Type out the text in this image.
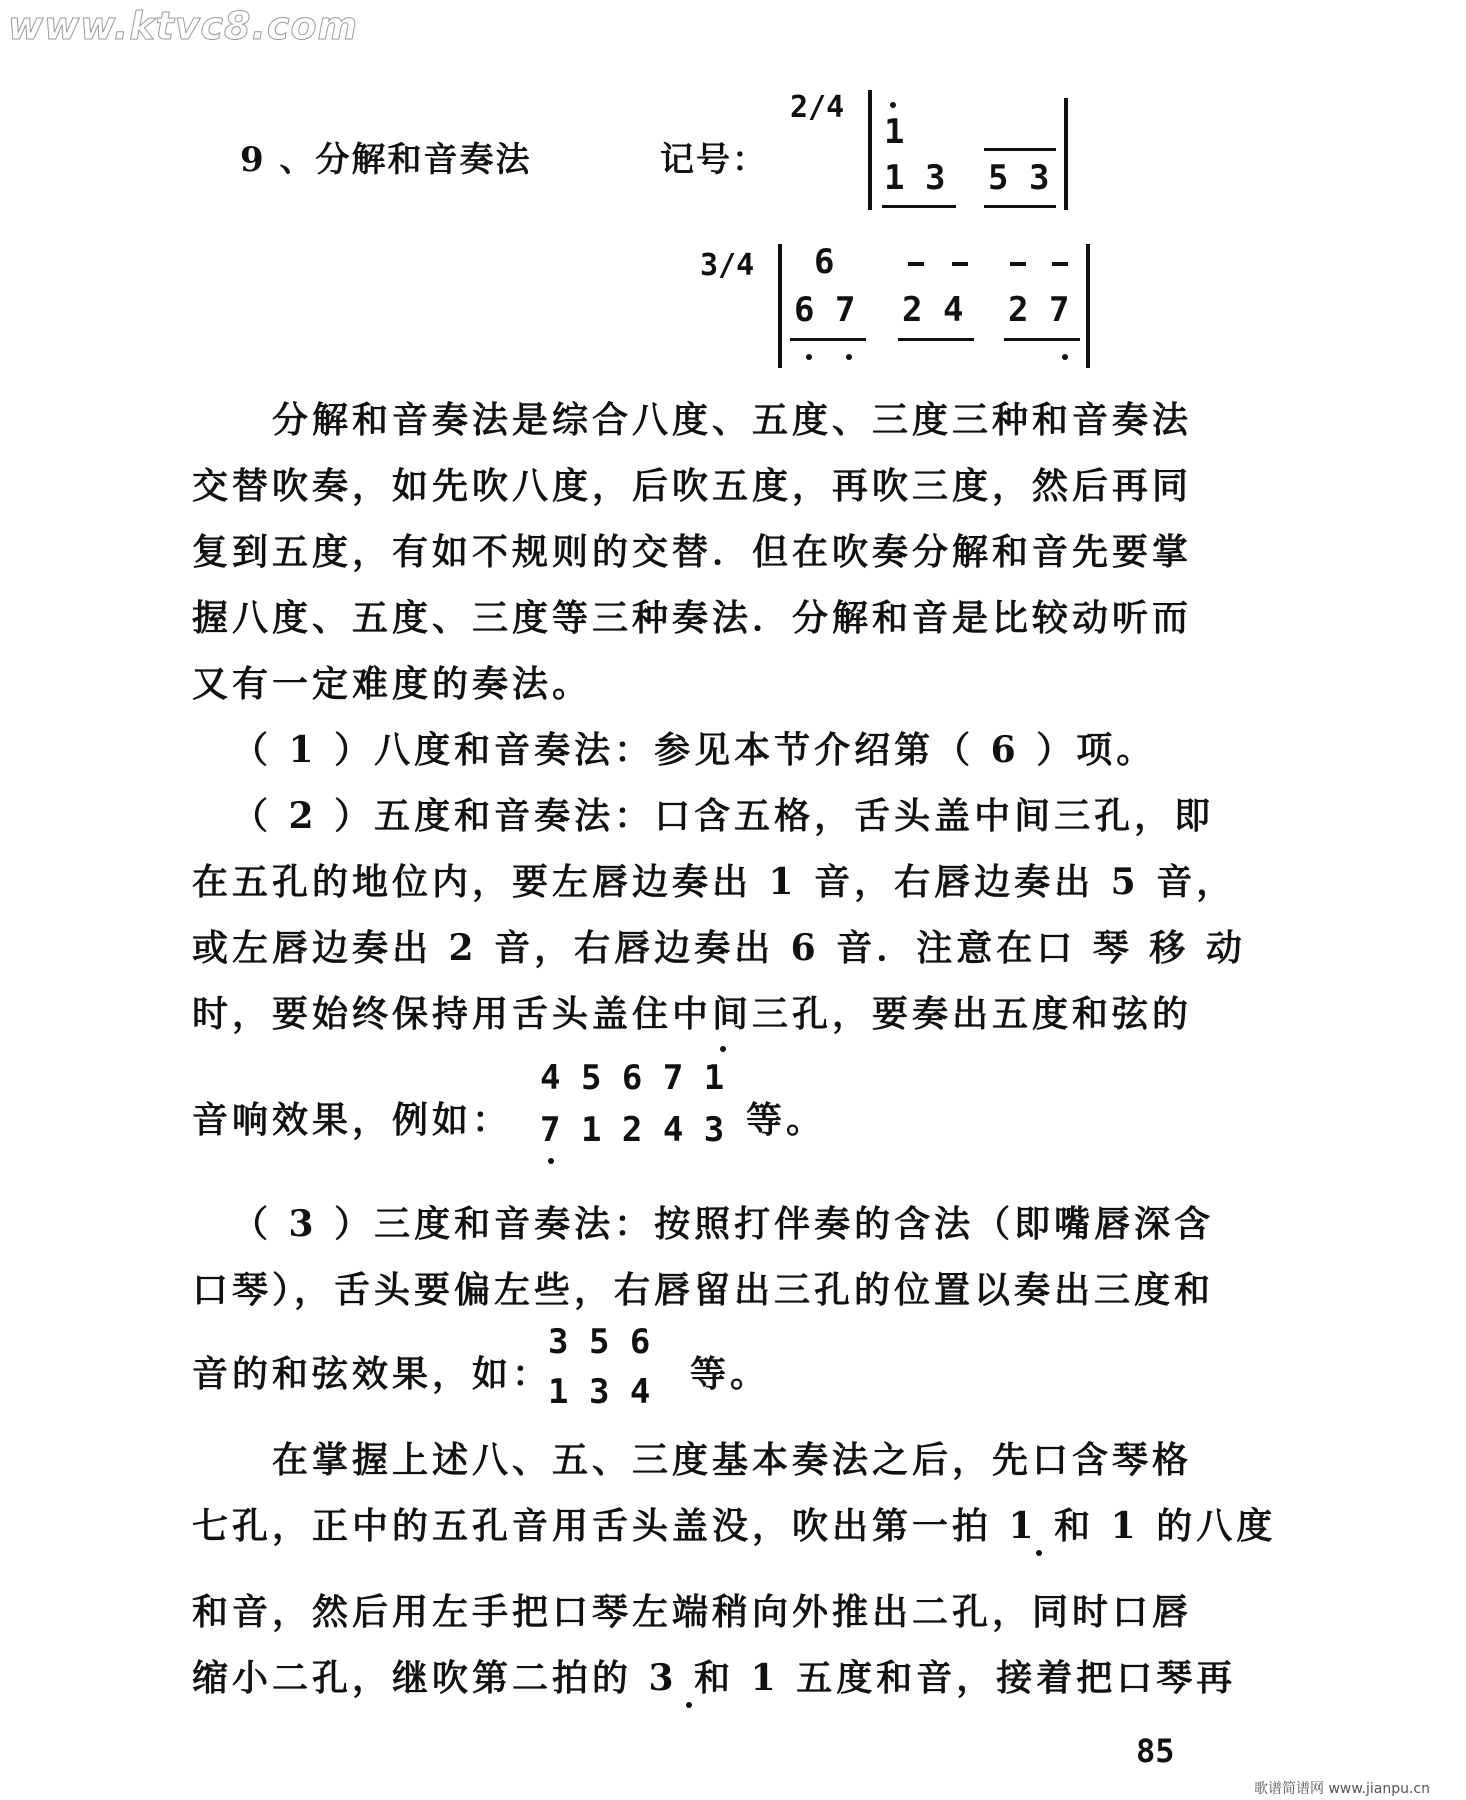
www.ktvc8.com
9 、分解和音奏法	记号：
2/4
1
1 3 5 3
3/4 6
6 7 2 4 2 7
分解和音奏法是综合八度、五度、三度三种和音奏法
交替吹奏，如先吹八度，后吹五度，再吹三度，然后再同
复到五度，有如不规则的交替．但在吹奏分解和音先要掌
握八度、五度、三度等三种奏法．分解和音是比较动听而
又有一定难度的奏法。
（ 1 ）八度和音奏法：参见本节介绍第（ 6 ）项。
（ 2 ）五度和音奏法：口含五格，舌头盖中间三孔，即
在五孔的地位内，要左唇边奏出 1 音，右唇边奏出 5 音，
或左唇边奏出 2 音，右唇边奏出 6 音．注意在口 琴 移 动
时，要始终保持用舌头盖住中间三孔，要奏出五度和弦的
音响效果，例如：
4 5 6 7 1
7 1 2 4 3 等。
（ 3 ）三度和音奏法：按照打伴奏的含法（即嘴唇深含
口琴），舌头要偏左些，右唇留出三孔的位置以奏出三度和
音的和弦效果，如：
3 5 6
1 3 4 等。
在掌握上述八、五、三度基本奏法之后，先口含琴格
七孔，正中的五孔音用舌头盖没，吹出第一拍 1 和 1 的八度
和音，然后用左手把口琴左端稍向外推出二孔，同时口唇
缩小二孔，继吹第二拍的 3 和 1 五度和音，接着把口琴再
85
歌谱简谱网 www.jianpu.cn
